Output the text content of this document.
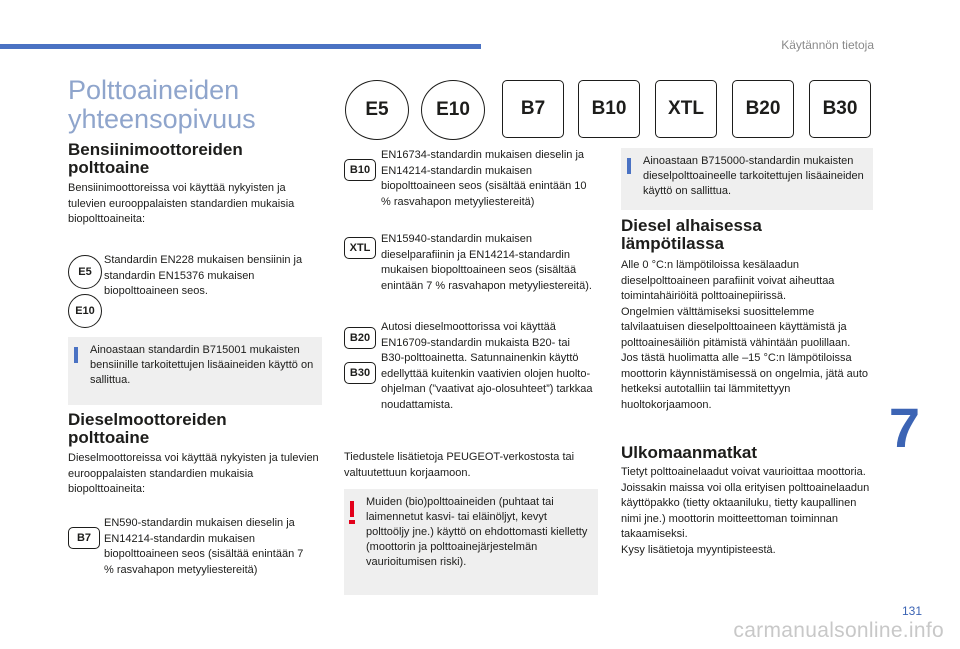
Käytännön tietoja
Polttoaineiden yhteensopivuus	E5	E10	B7	B10	XTL	B20	B30
Bensiinimoottoreiden polttoaine
Bensiinimoottoreissa voi käyttää nykyisten ja tulevien eurooppalaisten standardien mukaisia biopolttoaineita:
E5
E10
Standardin EN228 mukaisen bensiinin ja standardin EN15376 mukaisen biopolttoaineen seos.
Ainoastaan standardin B715001 mukaisten bensiinille tarkoitettujen lisäaineiden käyttö on sallittua.
Dieselmoottoreiden polttoaine
Dieselmoottoreissa voi käyttää nykyisten ja tulevien eurooppalaisten standardien mukaisia biopolttoaineita:
B7
EN590-standardin mukaisen dieselin ja EN14214-standardin mukaisen biopolttoaineen seos (sisältää enintään 7 % rasvahapon metyyliestereitä)
B10
EN16734-standardin mukaisen dieselin ja EN14214-standardin mukaisen biopolttoaineen seos (sisältää enintään 10 % rasvahapon metyyliestereitä)
XTL
EN15940-standardin mukaisen dieselparafiinin ja EN14214-standardin mukaisen biopolttoaineen seos (sisältää enintään 7 % rasvahapon metyyliestereitä).
B20
B30
Autosi dieselmoottorissa voi käyttää EN16709-standardin mukaista B20- tai B30-polttoainetta. Satunnainenkin käyttö edellyttää kuitenkin vaativien olojen huolto-ohjelman (”vaativat ajo-olosuhteet”) tarkkaa noudattamista.
Tiedustele lisätietoja PEUGEOT-verkostosta tai valtuutettuun korjaamoon.
Muiden (bio)polttoaineiden (puhtaat tai laimennetut kasvi- tai eläinöljyt, kevyt polttoöljy jne.) käyttö on ehdottomasti kielletty (moottorin ja polttoainejärjestelmän vaurioitumisen riski).
Ainoastaan B715000-standardin mukaisten dieselpolttoaineelle tarkoitettujen lisäaineiden käyttö on sallittua.
Diesel alhaisessa lämpötilassa
Alle 0 °C:n lämpötiloissa kesälaadun dieselpolttoaineen parafiinit voivat aiheuttaa toimintahäiriöitä polttoainepiirissä.
Ongelmien välttämiseksi suosittelemme talvilaatuisen dieselpolttoaineen käyttämistä ja polttoainesäiliön pitämistä vähintään puolillaan.
Jos tästä huolimatta alle –15 °C:n lämpötiloissa moottorin käynnistämisessä on ongelmia, jätä auto hetkeksi autotalliin tai lämmitettyyn huoltokorjaamoon.
Ulkomaanmatkat
Tietyt polttoainelaadut voivat vaurioittaa moottoria.
Joissakin maissa voi olla erityisen polttoainelaadun käyttöpakko (tietty oktaaniluku, tietty kaupallinen nimi jne.) moottorin moitteettoman toiminnan takaamiseksi.
Kysy lisätietoja myyntipisteestä.
7
131
carmanualsonline.info
